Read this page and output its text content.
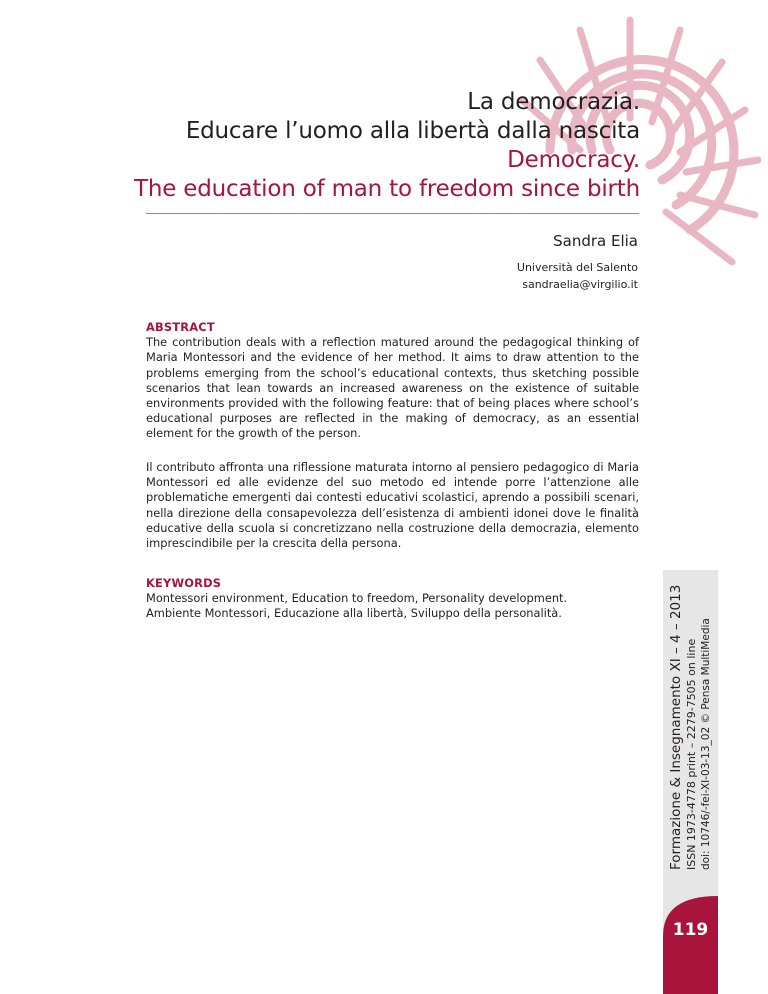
La democrazia.
Educare l’uomo alla libertà dalla nascita
Democracy.
The education of man to freedom since birth
Sandra Elia
Università del Salento
sandraelia@virgilio.it
ABSTRACT
The contribution deals with a reflection matured around the pedagogical thinking of Maria Montessori and the evidence of her method. It aims to draw attention to the problems emerging from the school’s educational contexts, thus sketching possible scenarios that lean towards an increased awareness on the existence of suitable environments provided with the following feature: that of being places where school’s educational purposes are reflected in the making of democracy, as an essential element for the growth of the person.
Il contributo affronta una riflessione maturata intorno al pensiero pedagogico di Maria Montessori ed alle evidenze del suo metodo ed intende porre l’attenzione alle problematiche emergenti dai contesti educativi scolastici, aprendo a possibili scenari, nella direzione della consapevolezza dell’esistenza di ambienti idonei dove le finalità educative della scuola si concretizzano nella costruzione della democrazia, elemento imprescindibile per la crescita della persona.
KEYWORDS
Montessori environment, Education to freedom, Personality development.
Ambiente Montessori, Educazione alla libertà, Sviluppo della personalità.	Formazione & Insegnamento XI – 4 – 2013 ISSN 1973-4778 print – 2279-7505 on line doi: 10746/-fei-XI-03-13_02 © Pensa MultiMedia
119
